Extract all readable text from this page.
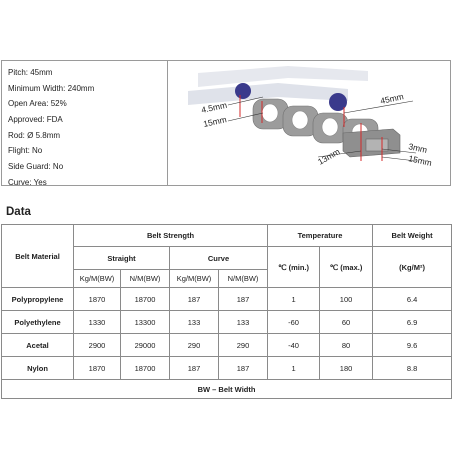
Pitch: 45mm
Minimum Width: 240mm
Open Area: 52%
Approved: FDA
Rod: Ø 5.8mm
Flight: No
Side Guard: No
Curve: Yes
4.5mm
15mm
45mm
13mm	3mm
15mm
Data
Belt Material	Belt Strength				Temperature		Belt Weight
	Straight		Curve		℃ (min.)	℃ (max.)	(Kg/M²)
	Kg/M(BW)	N/M(BW)	Kg/M(BW)	N/M(BW)			
Polypropylene	1870	18700	187	187	1	100	6.4
Polyethylene	1330	13300	133	133	-60	60	6.9
Acetal	2900	29000	290	290	-40	80	9.6
Nylon	1870	18700	187	187	1	180	8.8
BW – Belt Width							
